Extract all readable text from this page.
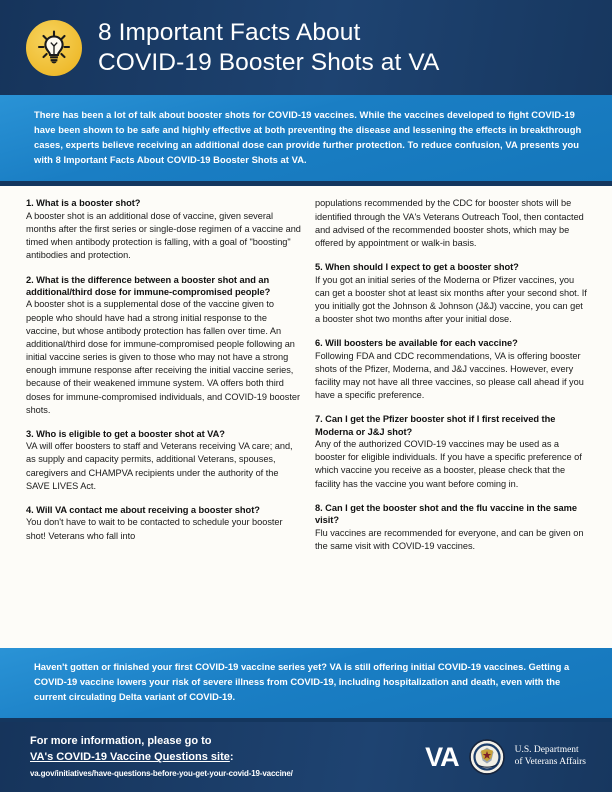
8 Important Facts About
COVID-19 Booster Shots at VA

There has been a lot of talk about booster shots for COVID-19 vaccines. While the vaccines developed to fight COVID-19 have been shown to be safe and highly effective at both preventing the disease and lessening the effects in breakthrough cases, experts believe receiving an additional dose can provide further protection. To reduce confusion, VA presents you with 8 Important Facts About COVID-19 Booster Shots at VA.

1. What is a booster shot?

A booster shot is an additional dose of vaccine, given several months after the first series or single-dose regimen of a vaccine and timed when antibody protection is falling, with a goal of "boosting" antibodies and protection.

2. What is the difference between a booster shot and an additional/third dose for immune-compromised people?

A booster shot is a supplemental dose of the vaccine given to people who should have had a strong initial response to the vaccine, but whose antibody protection has fallen over time. An additional/third dose for immune-compromised people following an initial vaccine series is given to those who may not have a strong enough immune response after receiving the initial vaccine series, because of their weakened immune system. VA offers both third doses for immune-compromised individuals, and COVID-19 booster shots.

3. Who is eligible to get a booster shot at VA?

VA will offer boosters to staff and Veterans receiving VA care; and, as supply and capacity permits, additional Veterans, spouses, caregivers and CHAMPVA recipients under the authority of the SAVE LIVES Act.

4. Will VA contact me about receiving a booster shot?

You don't have to wait to be contacted to schedule your booster shot! Veterans who fall into

populations recommended by the CDC for booster shots will be identified through the VA's Veterans Outreach Tool, then contacted and advised of the recommended booster shots, which may be offered by appointment or walk-in basis.

5. When should I expect to get a booster shot?

If you got an initial series of the Moderna or Pfizer vaccines, you can get a booster shot at least six months after your second shot. If you initially got the Johnson & Johnson (J&J) vaccine, you can get a booster shot two months after your initial dose.

6. Will boosters be available for each vaccine?

Following FDA and CDC recommendations, VA is offering booster shots of the Pfizer, Moderna, and J&J vaccines. However, every facility may not have all three vaccines, so please call ahead if you have a specific preference.

7. Can I get the Pfizer booster shot if I first received the Moderna or J&J shot?

Any of the authorized COVID-19 vaccines may be used as a booster for eligible individuals. If you have a specific preference of which vaccine you receive as a booster, please check that the facility has the vaccine you want before coming in.

8. Can I get the booster shot and the flu vaccine in the same visit?

Flu vaccines are recommended for everyone, and can be given on the same visit with COVID-19 vaccines.

Haven't gotten or finished your first COVID-19 vaccine series yet? VA is still offering initial COVID-19 vaccines. Getting a COVID-19 vaccine lowers your risk of severe illness from COVID-19, including hospitalization and death, even with the current circulating Delta variant of COVID-19.

For more information, please go to
VA's COVID-19 Vaccine Questions site:
va.gov/initiatives/have-questions-before-you-get-your-covid-19-vaccine/
VA	U.S. Department
of Veterans Affairs
